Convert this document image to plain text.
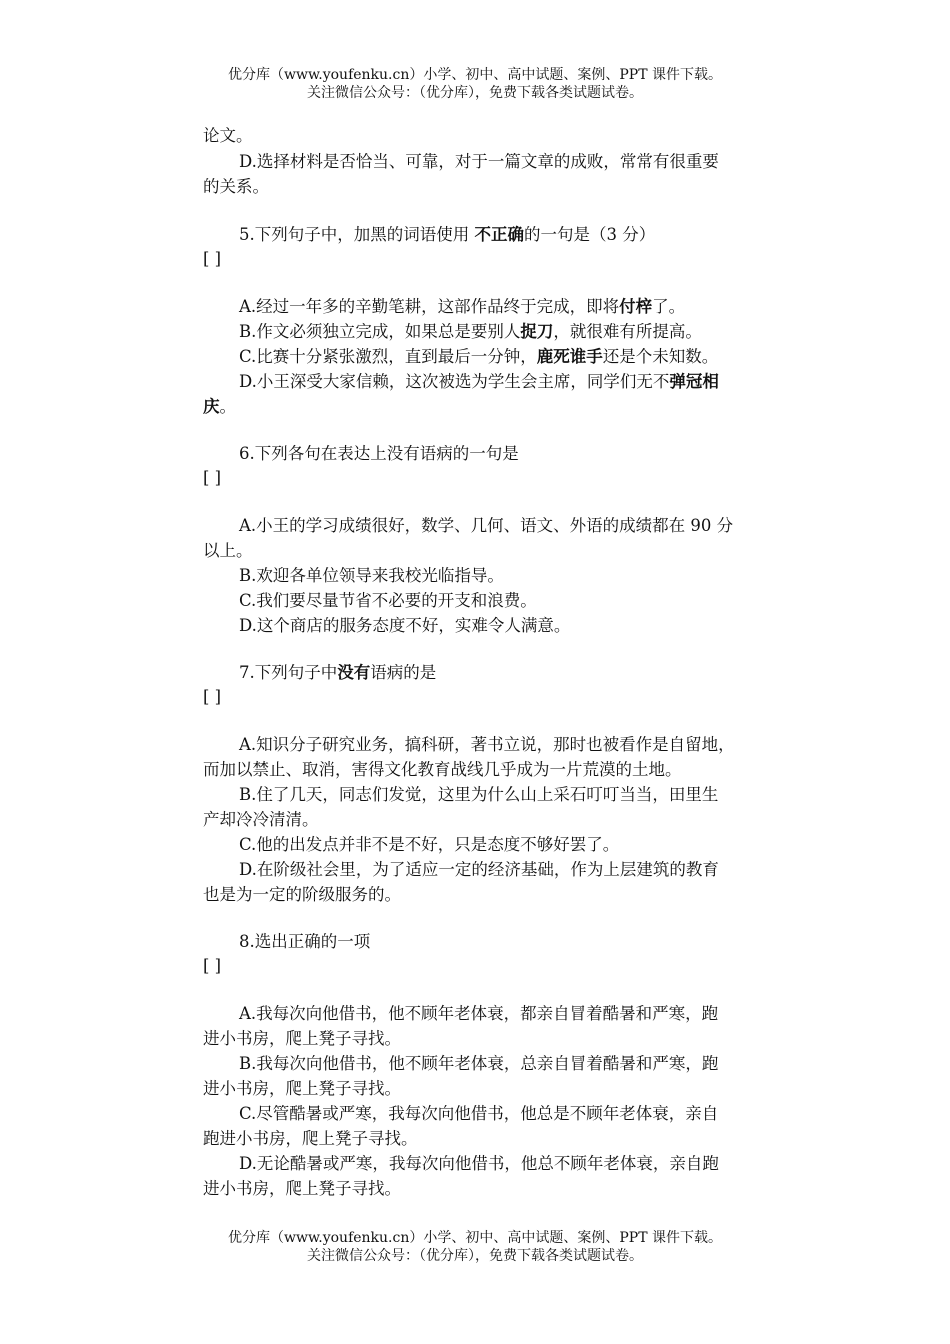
优分库（www.youfenku.cn）小学、初中、高中试题、案例、PPT 课件下载。
关注微信公众号：（优分库），免费下载各类试题试卷。
论文。
D.选择材料是否恰当、可靠，对于一篇文章的成败，常常有很重要
的关系。
5.下列句子中，加黑的词语使用 不正确的一句是（3 分）
[ ]
A.经过一年多的辛勤笔耕，这部作品终于完成，即将付梓了。
B.作文必须独立完成，如果总是要别人捉刀，就很难有所提高。
C.比赛十分紧张激烈，直到最后一分钟，鹿死谁手还是个未知数。
D.小王深受大家信赖，这次被选为学生会主席，同学们无不弹冠相
庆。
6.下列各句在表达上没有语病的一句是
[ ]
A.小王的学习成绩很好，数学、几何、语文、外语的成绩都在 90 分
以上。
B.欢迎各单位领导来我校光临指导。
C.我们要尽量节省不必要的开支和浪费。
D.这个商店的服务态度不好，实难令人满意。
7.下列句子中没有语病的是
[ ]
A.知识分子研究业务，搞科研，著书立说，那时也被看作是自留地，
而加以禁止、取消，害得文化教育战线几乎成为一片荒漠的土地。
B.住了几天，同志们发觉，这里为什么山上采石叮叮当当，田里生
产却冷冷清清。
C.他的出发点并非不是不好，只是态度不够好罢了。
D.在阶级社会里，为了适应一定的经济基础，作为上层建筑的教育
也是为一定的阶级服务的。
8.选出正确的一项
[ ]
A.我每次向他借书，他不顾年老体衰，都亲自冒着酷暑和严寒，跑
进小书房，爬上凳子寻找。
B.我每次向他借书，他不顾年老体衰，总亲自冒着酷暑和严寒，跑
进小书房，爬上凳子寻找。
C.尽管酷暑或严寒，我每次向他借书，他总是不顾年老体衰，亲自
跑进小书房，爬上凳子寻找。
D.无论酷暑或严寒，我每次向他借书，他总不顾年老体衰，亲自跑
进小书房，爬上凳子寻找。
优分库（www.youfenku.cn）小学、初中、高中试题、案例、PPT 课件下载。
关注微信公众号：（优分库），免费下载各类试题试卷。
